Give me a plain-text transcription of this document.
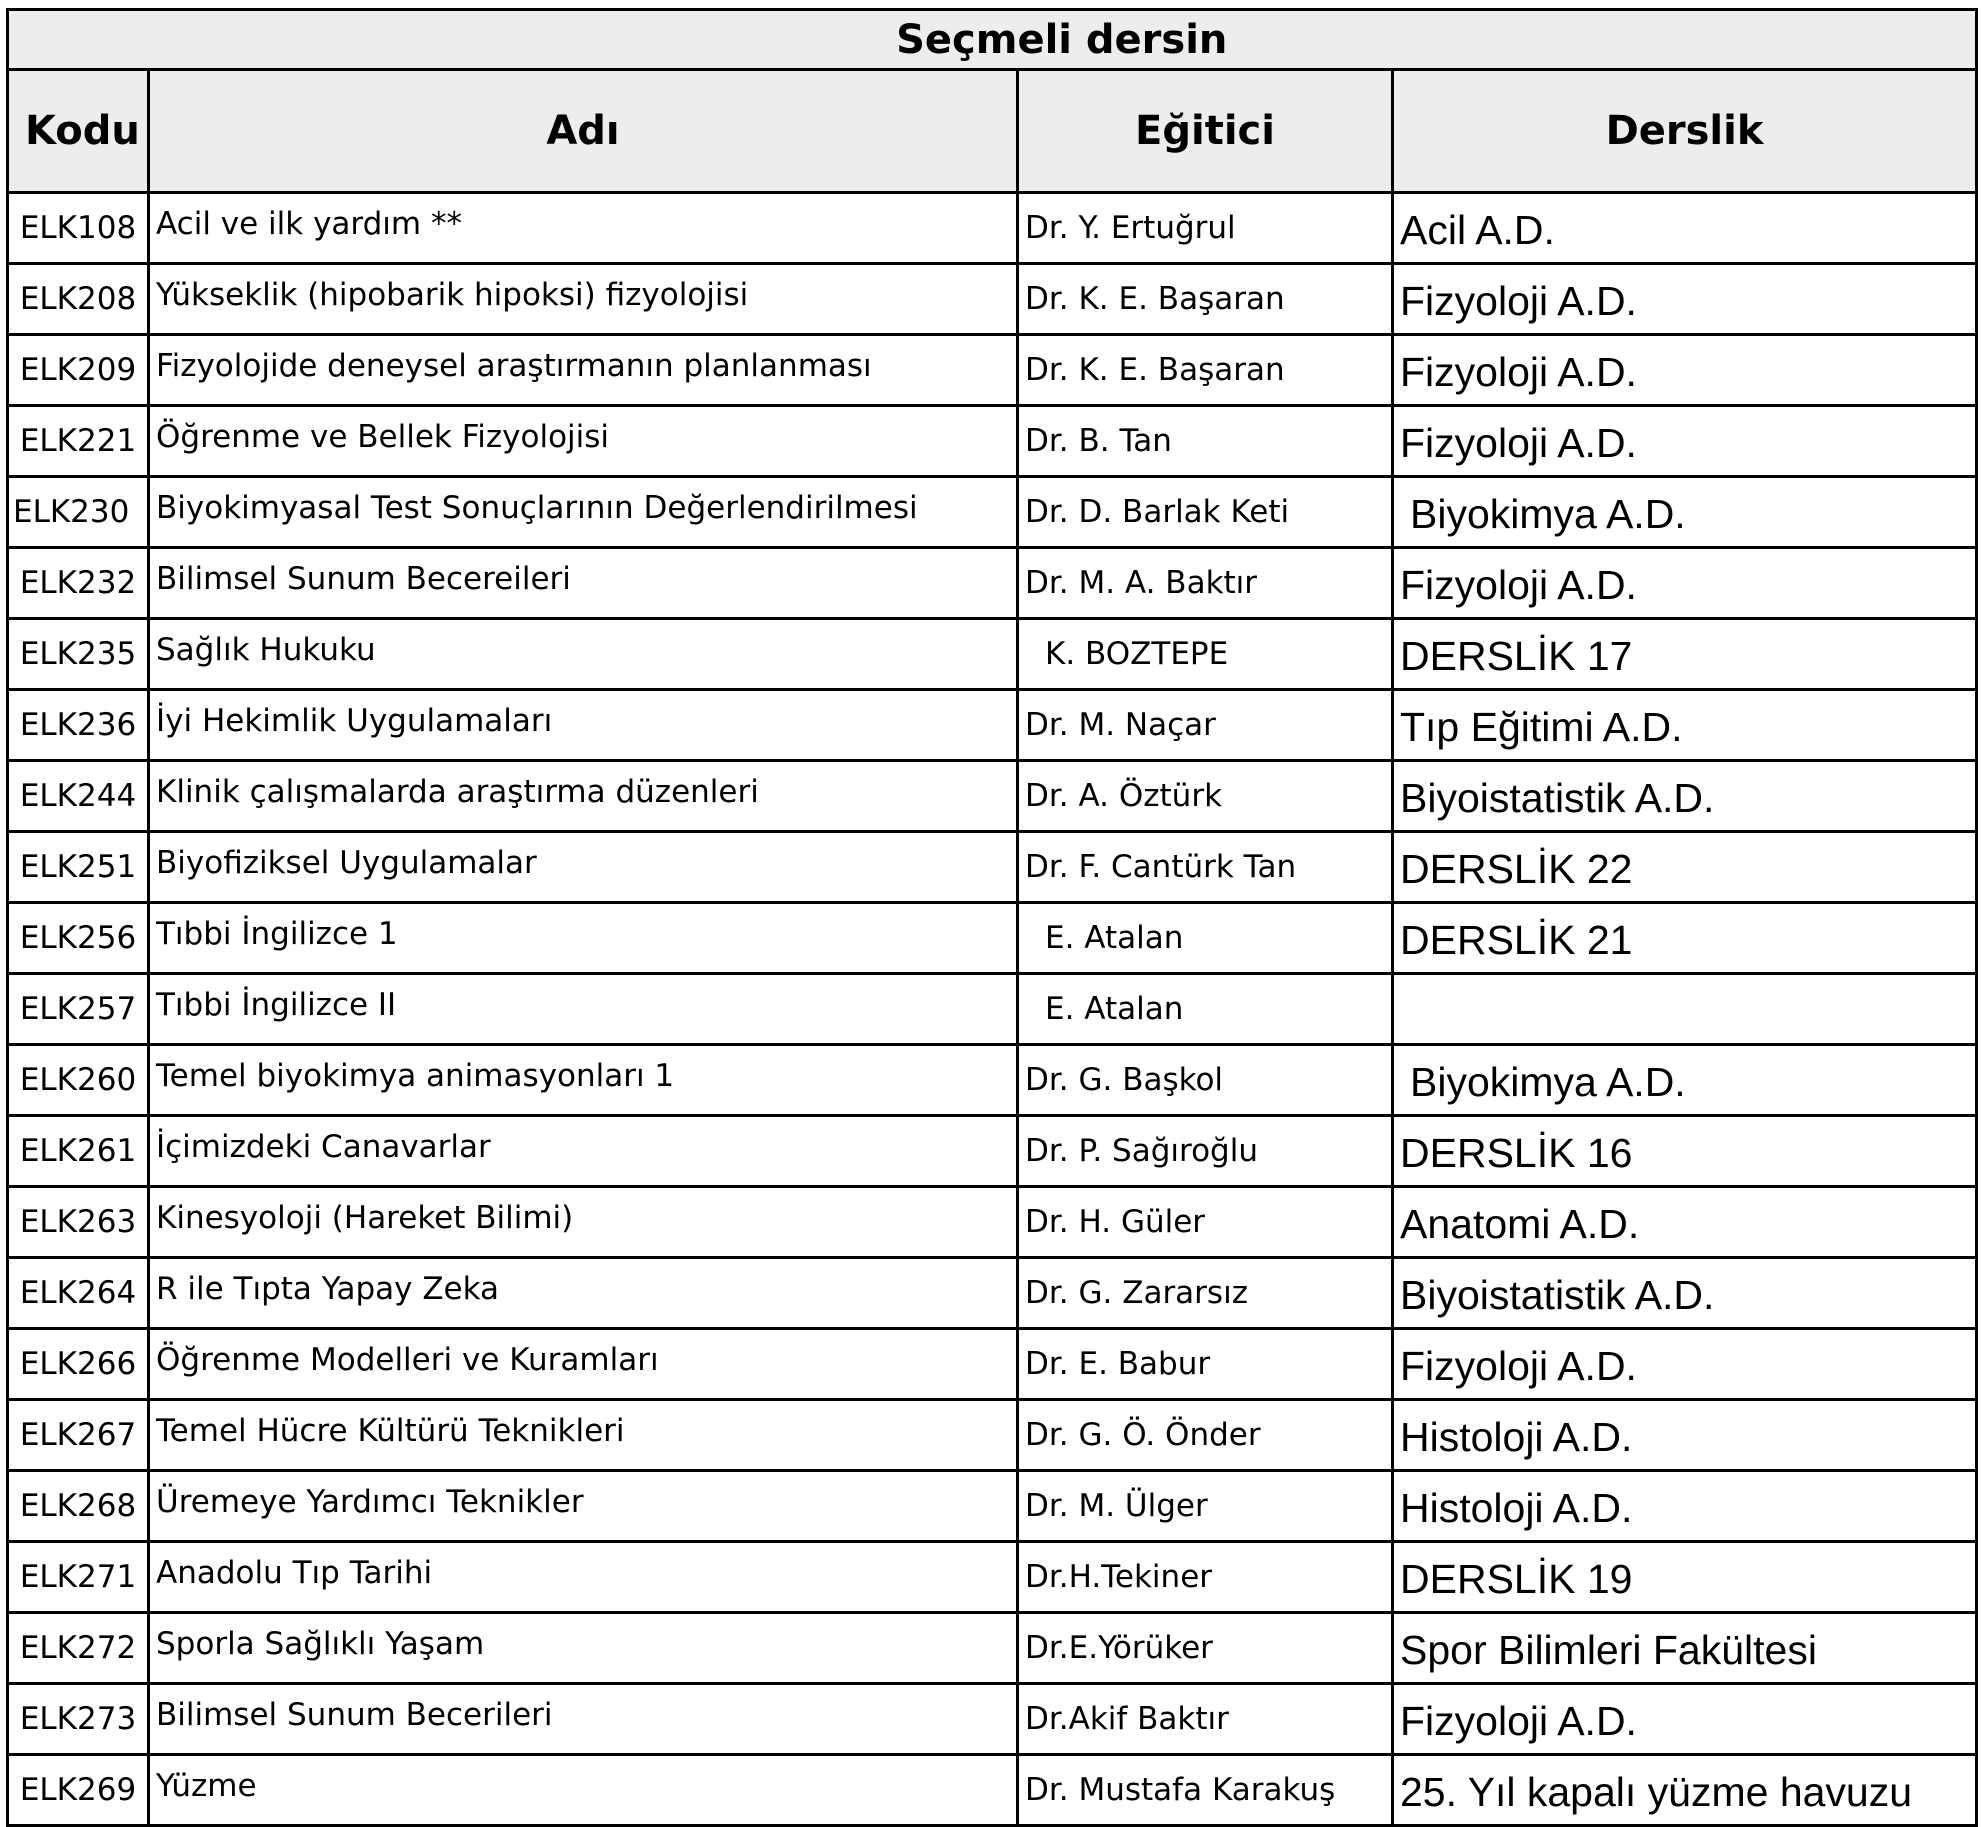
	Seçmeli dersin		
Kodu	Adı	Eğitici	Derslik
ELK108	Acil ve ilk yardım **	Dr. Y. Ertuğrul	Acil A.D.
ELK208	Yükseklik (hipobarik hipoksi) fizyolojisi	Dr. K. E. Başaran	Fizyoloji A.D.
ELK209	Fizyolojide deneysel araştırmanın planlanması	Dr. K. E. Başaran	Fizyoloji A.D.
ELK221	Öğrenme ve Bellek Fizyolojisi	Dr. B. Tan	Fizyoloji A.D.
ELK230	Biyokimyasal Test Sonuçlarının Değerlendirilmesi	Dr. D. Barlak Keti	Biyokimya A.D.
ELK232	Bilimsel Sunum Becereileri	Dr. M. A. Baktır	Fizyoloji A.D.
ELK235	Sağlık Hukuku	K. BOZTEPE	DERSLİK 17
ELK236	İyi Hekimlik Uygulamaları	Dr. M. Naçar	Tıp Eğitimi A.D.
ELK244	Klinik çalışmalarda araştırma düzenleri	Dr. A. Öztürk	Biyoistatistik A.D.
ELK251	Biyofiziksel Uygulamalar	Dr. F. Cantürk Tan	DERSLİK 22
ELK256	Tıbbi İngilizce 1	E. Atalan	DERSLİK 21
ELK257	Tıbbi İngilizce II	E. Atalan	
ELK260	Temel biyokimya animasyonları 1	Dr. G. Başkol	Biyokimya A.D.
ELK261	İçimizdeki Canavarlar	Dr. P. Sağıroğlu	DERSLİK 16
ELK263	Kinesyoloji (Hareket Bilimi)	Dr. H. Güler	Anatomi A.D.
ELK264	R ile Tıpta Yapay Zeka	Dr. G. Zararsız	Biyoistatistik A.D.
ELK266	Öğrenme Modelleri ve Kuramları	Dr. E. Babur	Fizyoloji A.D.
ELK267	Temel Hücre Kültürü Teknikleri	Dr. G. Ö. Önder	Histoloji A.D.
ELK268	Üremeye Yardımcı Teknikler	Dr. M. Ülger	Histoloji A.D.
ELK271	Anadolu Tıp Tarihi	Dr.H.Tekiner	DERSLİK 19
ELK272	Sporla Sağlıklı Yaşam	Dr.E.Yörüker	Spor Bilimleri Fakültesi
ELK273	Bilimsel Sunum Becerileri	Dr.Akif Baktır	Fizyoloji A.D.
ELK269	Yüzme	Dr. Mustafa Karakuş	25. Yıl kapalı yüzme havuzu
